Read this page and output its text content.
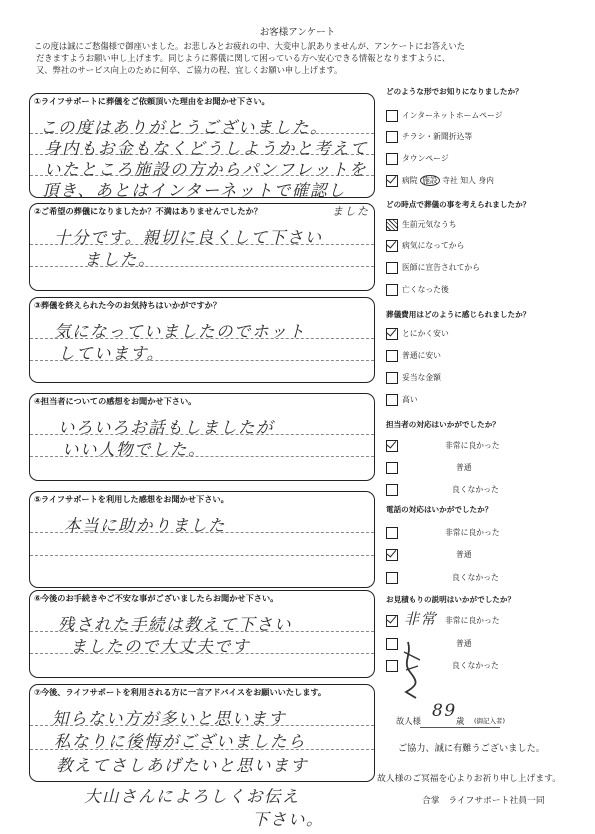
お客様アンケート
この度は誠にご愁傷様で御座いました。お悲しみとお疲れの中、大変申し訳ありませんが、アンケートにお答えいた
だきますようお願い申し上げます。同じように葬儀に関して困っている方へ安心できる情報となりますように、
又、弊社のサービス向上のために何卒、ご協力の程、宜しくお願い申し上げます。
①ライフサポートに葬儀をご依頼頂いた理由をお聞かせ下さい。
この度はありがとうございました。
身内もお金もなくどうしようかと考えて
いたところ施設の方からパンフレットを
頂き、あとはインターネットで確認し
②ご希望の葬儀になりましたか？不満はありませんでしたか？	ました
十分です。親切に良くして下さい
ました。
③葬儀を終えられた今のお気持ちはいかがですか？
気になっていましたのでホット
しています。
④担当者についての感想をお聞かせ下さい。
いろいろお話もしましたが
いい人物でした。
⑤ライフサポートを利用した感想をお聞かせ下さい。
本当に助かりました
⑥今後のお手続きやご不安な事がございましたらお聞かせ下さい。
残された手続は教えて下さい
ましたので大丈夫です
⑦今後、ライフサポートを利用される方に一言アドバイスをお願いいたします。
知らない方が多いと思います
私なりに後悔がございましたら
教えてさしあげたいと思います
大山さんによろしくお伝え
下さい。
どのような形でお知りになりましたか？
インターネットホームページ
チラシ・新聞折込等
タウンページ
病院 施設 寺社 知人 身内
どの時点で葬儀の事を考えられましたか？
生前元気なうち
病気になってから
医師に宣告されてから
亡くなった後
葬儀費用はどのように感じられましたか？
とにかく安い
普通に安い
妥当な金額
高い
担当者の対応はいかがでしたか？
非常に良かった
普通
良くなかった
電話の対応はいかがでしたか？
非常に良かった
普通
良くなかった
お見積もりの説明はいかがでしたか？
非常に良かった
非常
普通
良くなかった
故人様 89 歳 (御記入者)
ご協力、誠に有難うございました。
故人様のご冥福を心よりお祈り申し上げます。
合掌　ライフサポート社員一同
